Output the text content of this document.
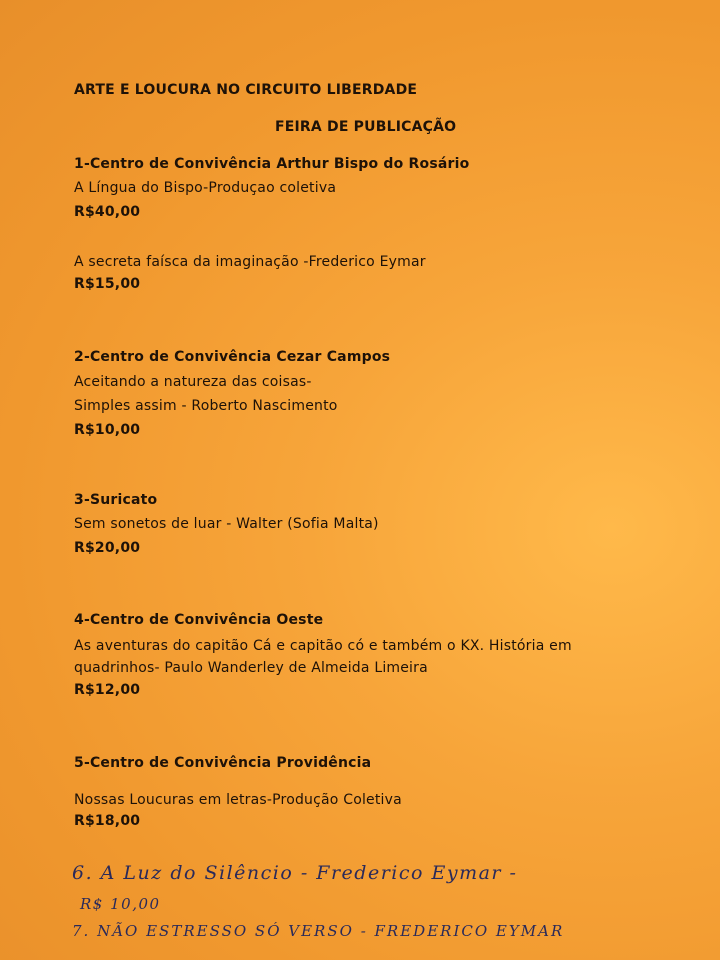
ARTE E LOUCURA NO CIRCUITO LIBERDADE

FEIRA DE PUBLICAÇÃO

1-Centro de Convivência Arthur Bispo do Rosário

A Língua do Bispo-Produçao coletiva

R$40,00

A secreta faísca da imaginação -Frederico Eymar

R$15,00

2-Centro de Convivência Cezar Campos

Aceitando a natureza das coisas-

Simples assim - Roberto Nascimento

R$10,00

3-Suricato

Sem sonetos de luar - Walter (Sofia Malta)

R$20,00

4-Centro de Convivência Oeste

As aventuras do capitão Cá e capitão có e também o KX. História em

quadrinhos- Paulo Wanderley de Almeida Limeira

R$12,00

5-Centro de Convivência Providência

Nossas Loucuras em letras-Produção Coletiva

R$18,00

6. A Luz do Silêncio - Frederico Eymar -
R$ 10,00
7. NÃO ESTRESSO SÓ VERSO - FREDERICO EYMAR
